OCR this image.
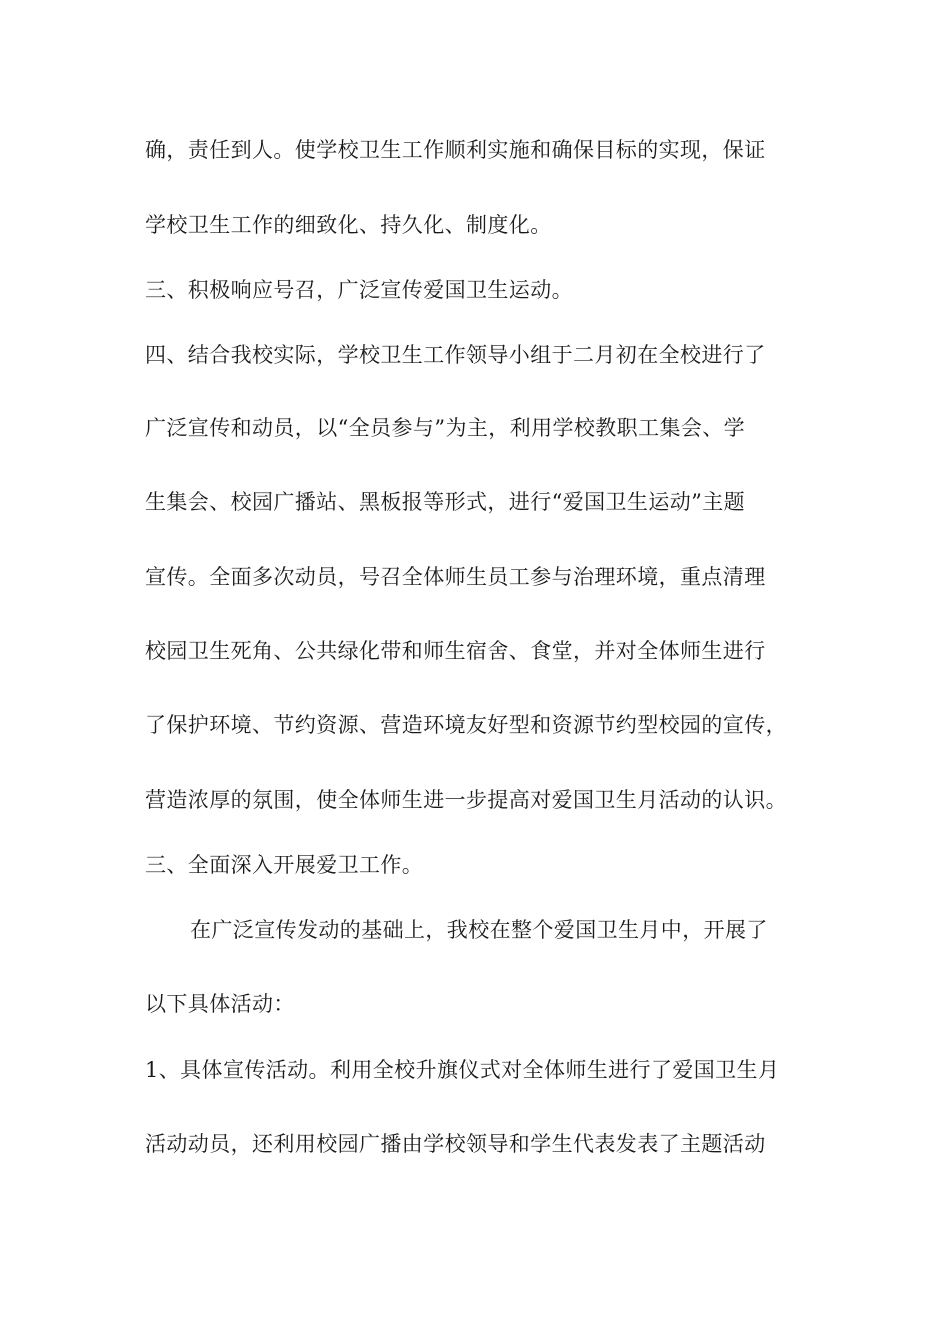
确，责任到人。使学校卫生工作顺利实施和确保目标的实现，保证
学校卫生工作的细致化、持久化、制度化。
三、积极响应号召，广泛宣传爱国卫生运动。
四、结合我校实际，学校卫生工作领导小组于二月初在全校进行了
广泛宣传和动员，以“全员参与”为主，利用学校教职工集会、学
生集会、校园广播站、黑板报等形式，进行“爱国卫生运动”主题
宣传。全面多次动员，号召全体师生员工参与治理环境，重点清理
校园卫生死角、公共绿化带和师生宿舍、食堂，并对全体师生进行
了保护环境、节约资源、营造环境友好型和资源节约型校园的宣传，
营造浓厚的氛围，使全体师生进一步提高对爱国卫生月活动的认识。
三、全面深入开展爱卫工作。
在广泛宣传发动的基础上，我校在整个爱国卫生月中，开展了
以下具体活动：
1、具体宣传活动。利用全校升旗仪式对全体师生进行了爱国卫生月
活动动员，还利用校园广播由学校领导和学生代表发表了主题活动
